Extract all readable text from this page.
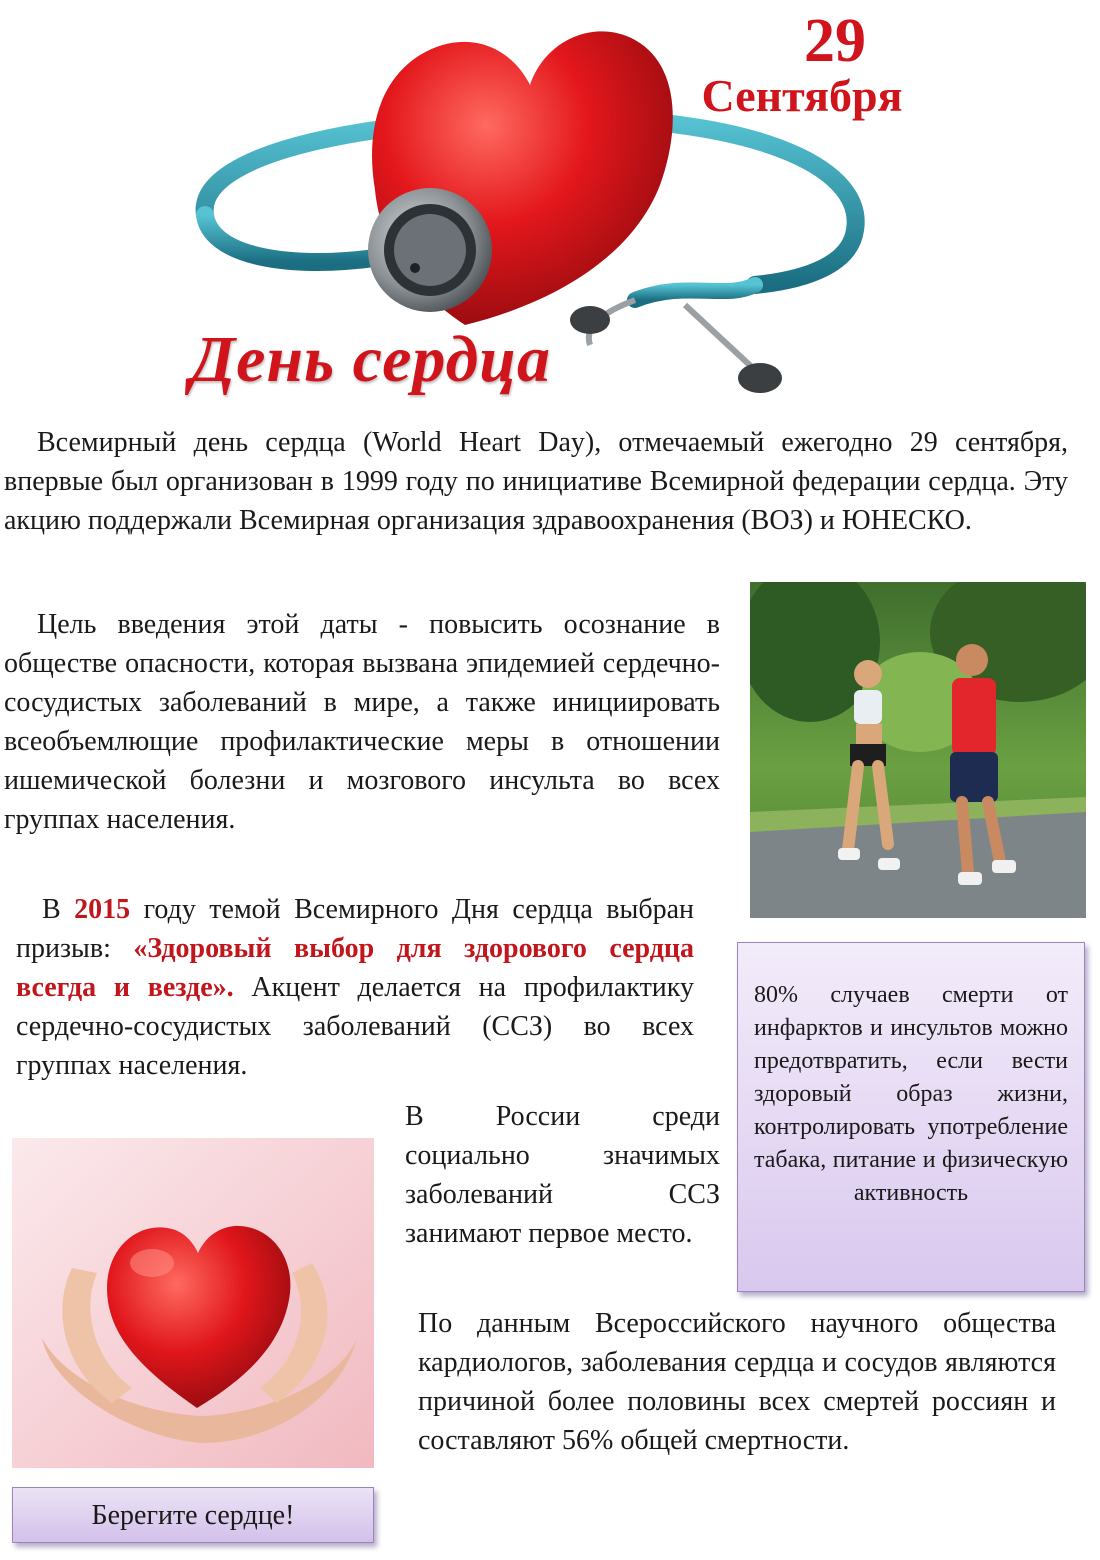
29
Сентября
День сердца

Всемирный день сердца (World Heart Day), отмечаемый ежегодно 29 сентября, впервые был организован в 1999 году по инициативе Всемирной федерации сердца. Эту акцию поддержали Всемирная организация здравоохранения (ВОЗ) и ЮНЕСКО.

Цель введения этой даты - повысить осознание в обществе опасности, которая вызвана эпидемией сердечно-сосудистых заболеваний в мире, а также инициировать всеобъемлющие профилактические меры в отношении ишемической болезни и мозгового инсульта во всех группах населения.

В 2015 году темой Всемирного Дня сердца выбран призыв: «Здоровый выбор для здорового сердца всегда и везде». Акцент делается на профилактику сердечно-сосудистых заболеваний (ССЗ) во всех группах населения.

80% случаев смерти от инфарктов и инсультов можно предотвратить, если вести здоровый образ жизни, контролировать употребление табака, питание и физическую активность

В России среди социально значимых заболеваний ССЗ занимают первое место.

По данным Всероссийского научного общества кардиологов, заболевания сердца и сосудов являются причиной более половины всех смертей россиян и составляют 56% общей смертности.

Берегите сердце!
